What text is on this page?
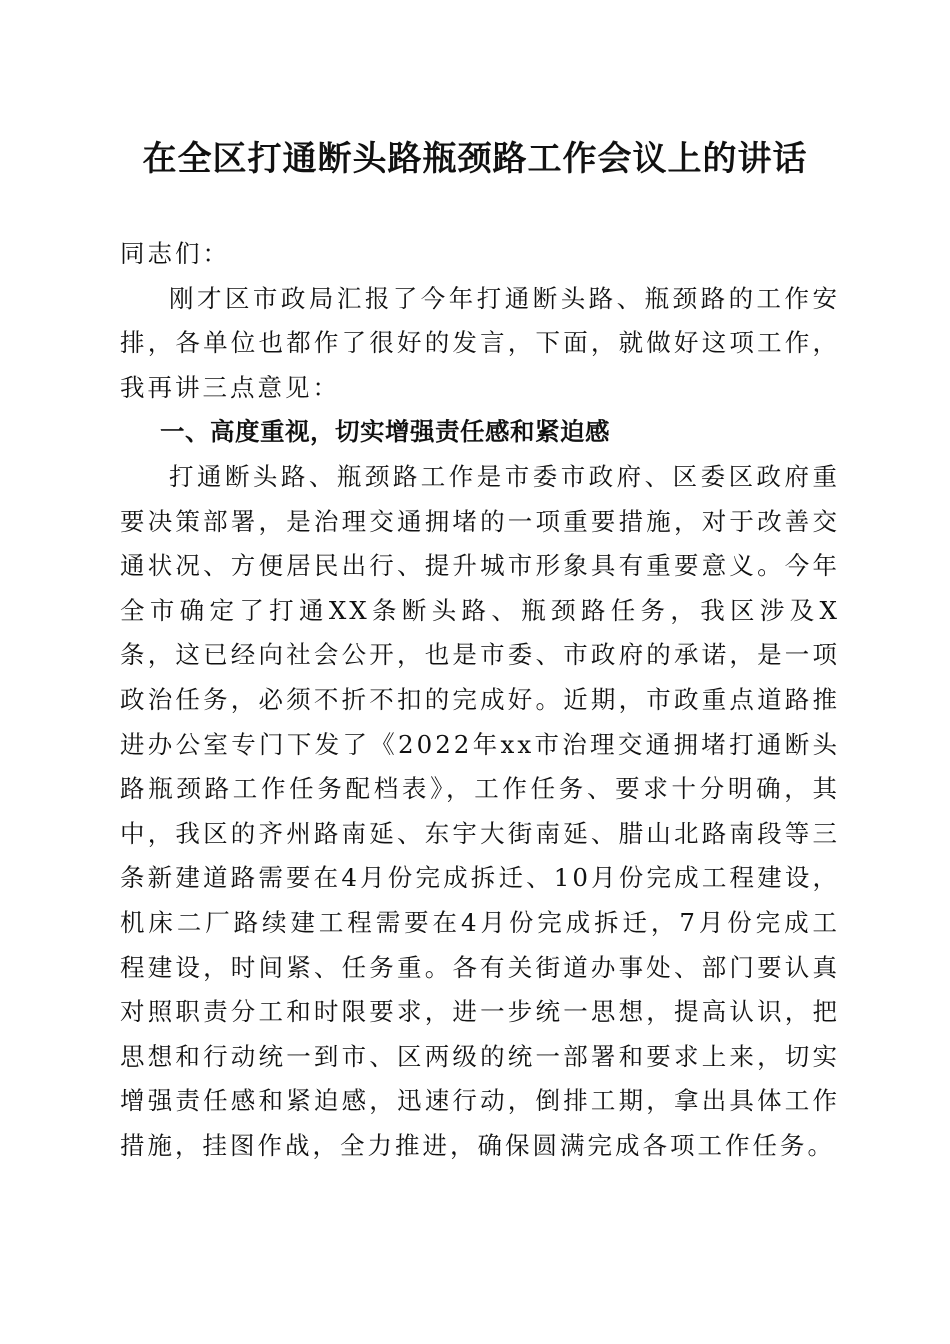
在全区打通断头路瓶颈路工作会议上的讲话

同志们：

刚才区市政局汇报了今年打通断头路、瓶颈路的工作安排，各单位也都作了很好的发言，下面，就做好这项工作，我再讲三点意见：

一、高度重视，切实增强责任感和紧迫感

打通断头路、瓶颈路工作是市委市政府、区委区政府重要决策部署，是治理交通拥堵的一项重要措施，对于改善交通状况、方便居民出行、提升城市形象具有重要意义。今年全市确定了打通XX条断头路、瓶颈路任务，我区涉及X条，这已经向社会公开，也是市委、市政府的承诺，是一项政治任务，必须不折不扣的完成好。近期，市政重点道路推进办公室专门下发了《2022年xx市治理交通拥堵打通断头路瓶颈路工作任务配档表》，工作任务、要求十分明确，其中，我区的齐州路南延、东宇大街南延、腊山北路南段等三条新建道路需要在4月份完成拆迁、10月份完成工程建设，机床二厂路续建工程需要在4月份完成拆迁，7月份完成工程建设，时间紧、任务重。各有关街道办事处、部门要认真对照职责分工和时限要求，进一步统一思想，提高认识，把思想和行动统一到市、区两级的统一部署和要求上来，切实增强责任感和紧迫感，迅速行动，倒排工期，拿出具体工作措施，挂图作战，全力推进，确保圆满完成各项工作任务。
